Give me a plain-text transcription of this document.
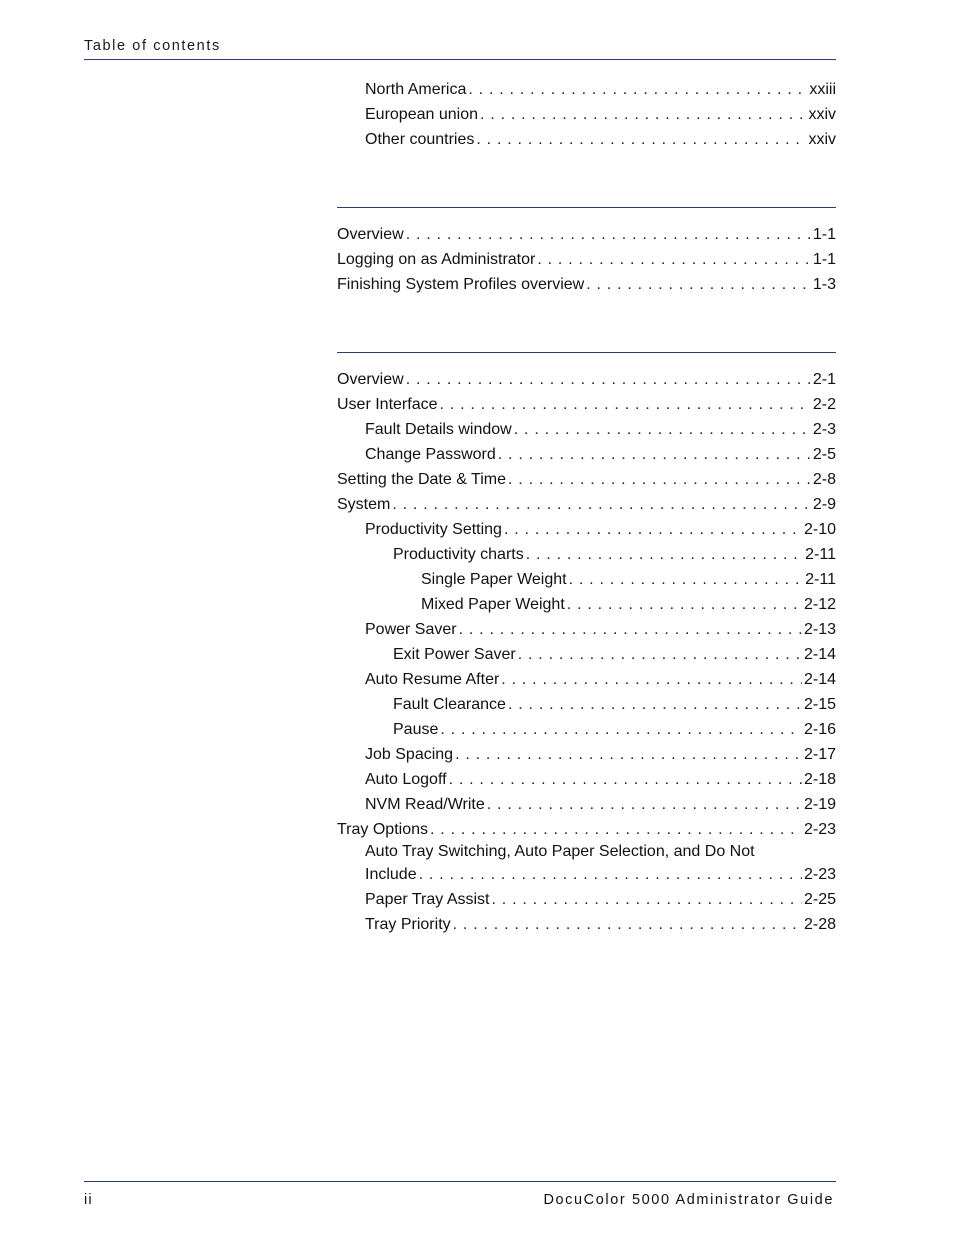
Table of contents
North America . . .	xxiii
European union . . .	xxiv
Other countries . . .	xxiv
Overview . . .	1-1
Logging on as Administrator . . .	1-1
Finishing System Profiles overview . . .	1-3
Overview . . .	2-1
User Interface . . .	2-2
Fault Details window . . .	2-3
Change Password . . .	2-5
Setting the Date & Time . . .	2-8
System . . .	2-9
Productivity Setting . . .	2-10
Productivity charts . . .	2-11
Single Paper Weight . . .	2-11
Mixed Paper Weight . . .	2-12
Power Saver . . .	2-13
Exit Power Saver . . .	2-14
Auto Resume After . . .	2-14
Fault Clearance . . .	2-15
Pause . . .	2-16
Job Spacing . . .	2-17
Auto Logoff . . .	2-18
NVM Read/Write . . .	2-19
Tray Options . . .	2-23
Auto Tray Switching, Auto Paper Selection, and Do Not
Include . . .	2-23
Paper Tray Assist . . .	2-25
Tray Priority . . .	2-28
ii	DocuColor 5000 Administrator Guide
